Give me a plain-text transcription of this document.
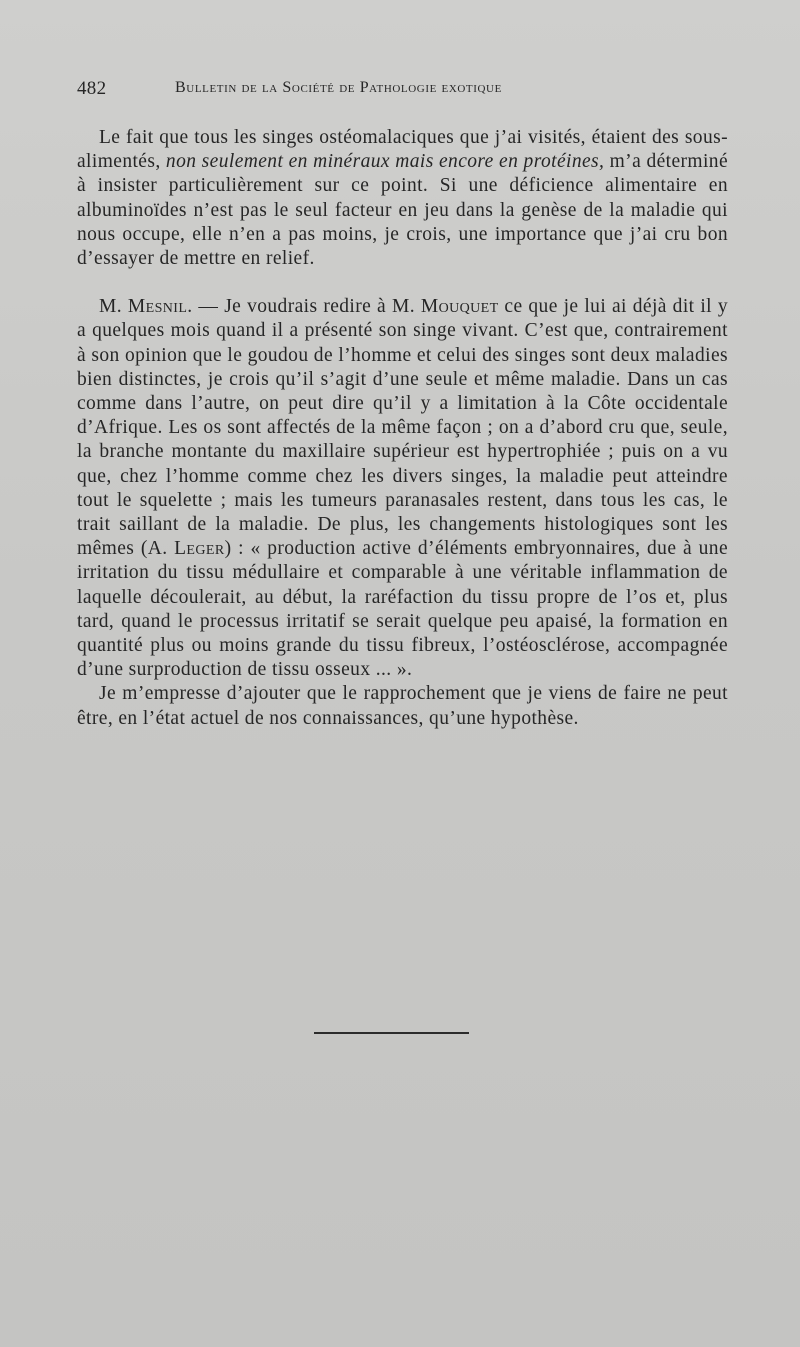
482	Bulletin de la Société de Pathologie exotique

Le fait que tous les singes ostéomalaciques que j’ai visités, étaient des sous-alimentés, non seulement en minéraux mais encore en protéines, m’a déterminé à insister particulièrement sur ce point. Si une déficience alimentaire en albuminoïdes n’est pas le seul facteur en jeu dans la genèse de la maladie qui nous occupe, elle n’en a pas moins, je crois, une importance que j’ai cru bon d’essayer de mettre en relief.

M. Mesnil. — Je voudrais redire à M. Mouquet ce que je lui ai déjà dit il y a quelques mois quand il a présenté son singe vivant. C’est que, contrairement à son opinion que le goudou de l’homme et celui des singes sont deux maladies bien distinctes, je crois qu’il s’agit d’une seule et même maladie. Dans un cas comme dans l’autre, on peut dire qu’il y a limitation à la Côte occidentale d’Afrique. Les os sont affectés de la même façon ; on a d’abord cru que, seule, la branche montante du maxillaire supérieur est hypertrophiée ; puis on a vu que, chez l’homme comme chez les divers singes, la maladie peut atteindre tout le squelette ; mais les tumeurs paranasales restent, dans tous les cas, le trait saillant de la maladie. De plus, les changements histologiques sont les mêmes (A. Leger) : « production active d’éléments embryonnaires, due à une irritation du tissu médullaire et comparable à une véritable inflammation de laquelle découlerait, au début, la raréfaction du tissu propre de l’os et, plus tard, quand le processus irritatif se serait quelque peu apaisé, la formation en quantité plus ou moins grande du tissu fibreux, l’ostéosclérose, accompagnée d’une surproduction de tissu osseux ... ».

Je m’empresse d’ajouter que le rapprochement que je viens de faire ne peut être, en l’état actuel de nos connaissances, qu’une hypothèse.
